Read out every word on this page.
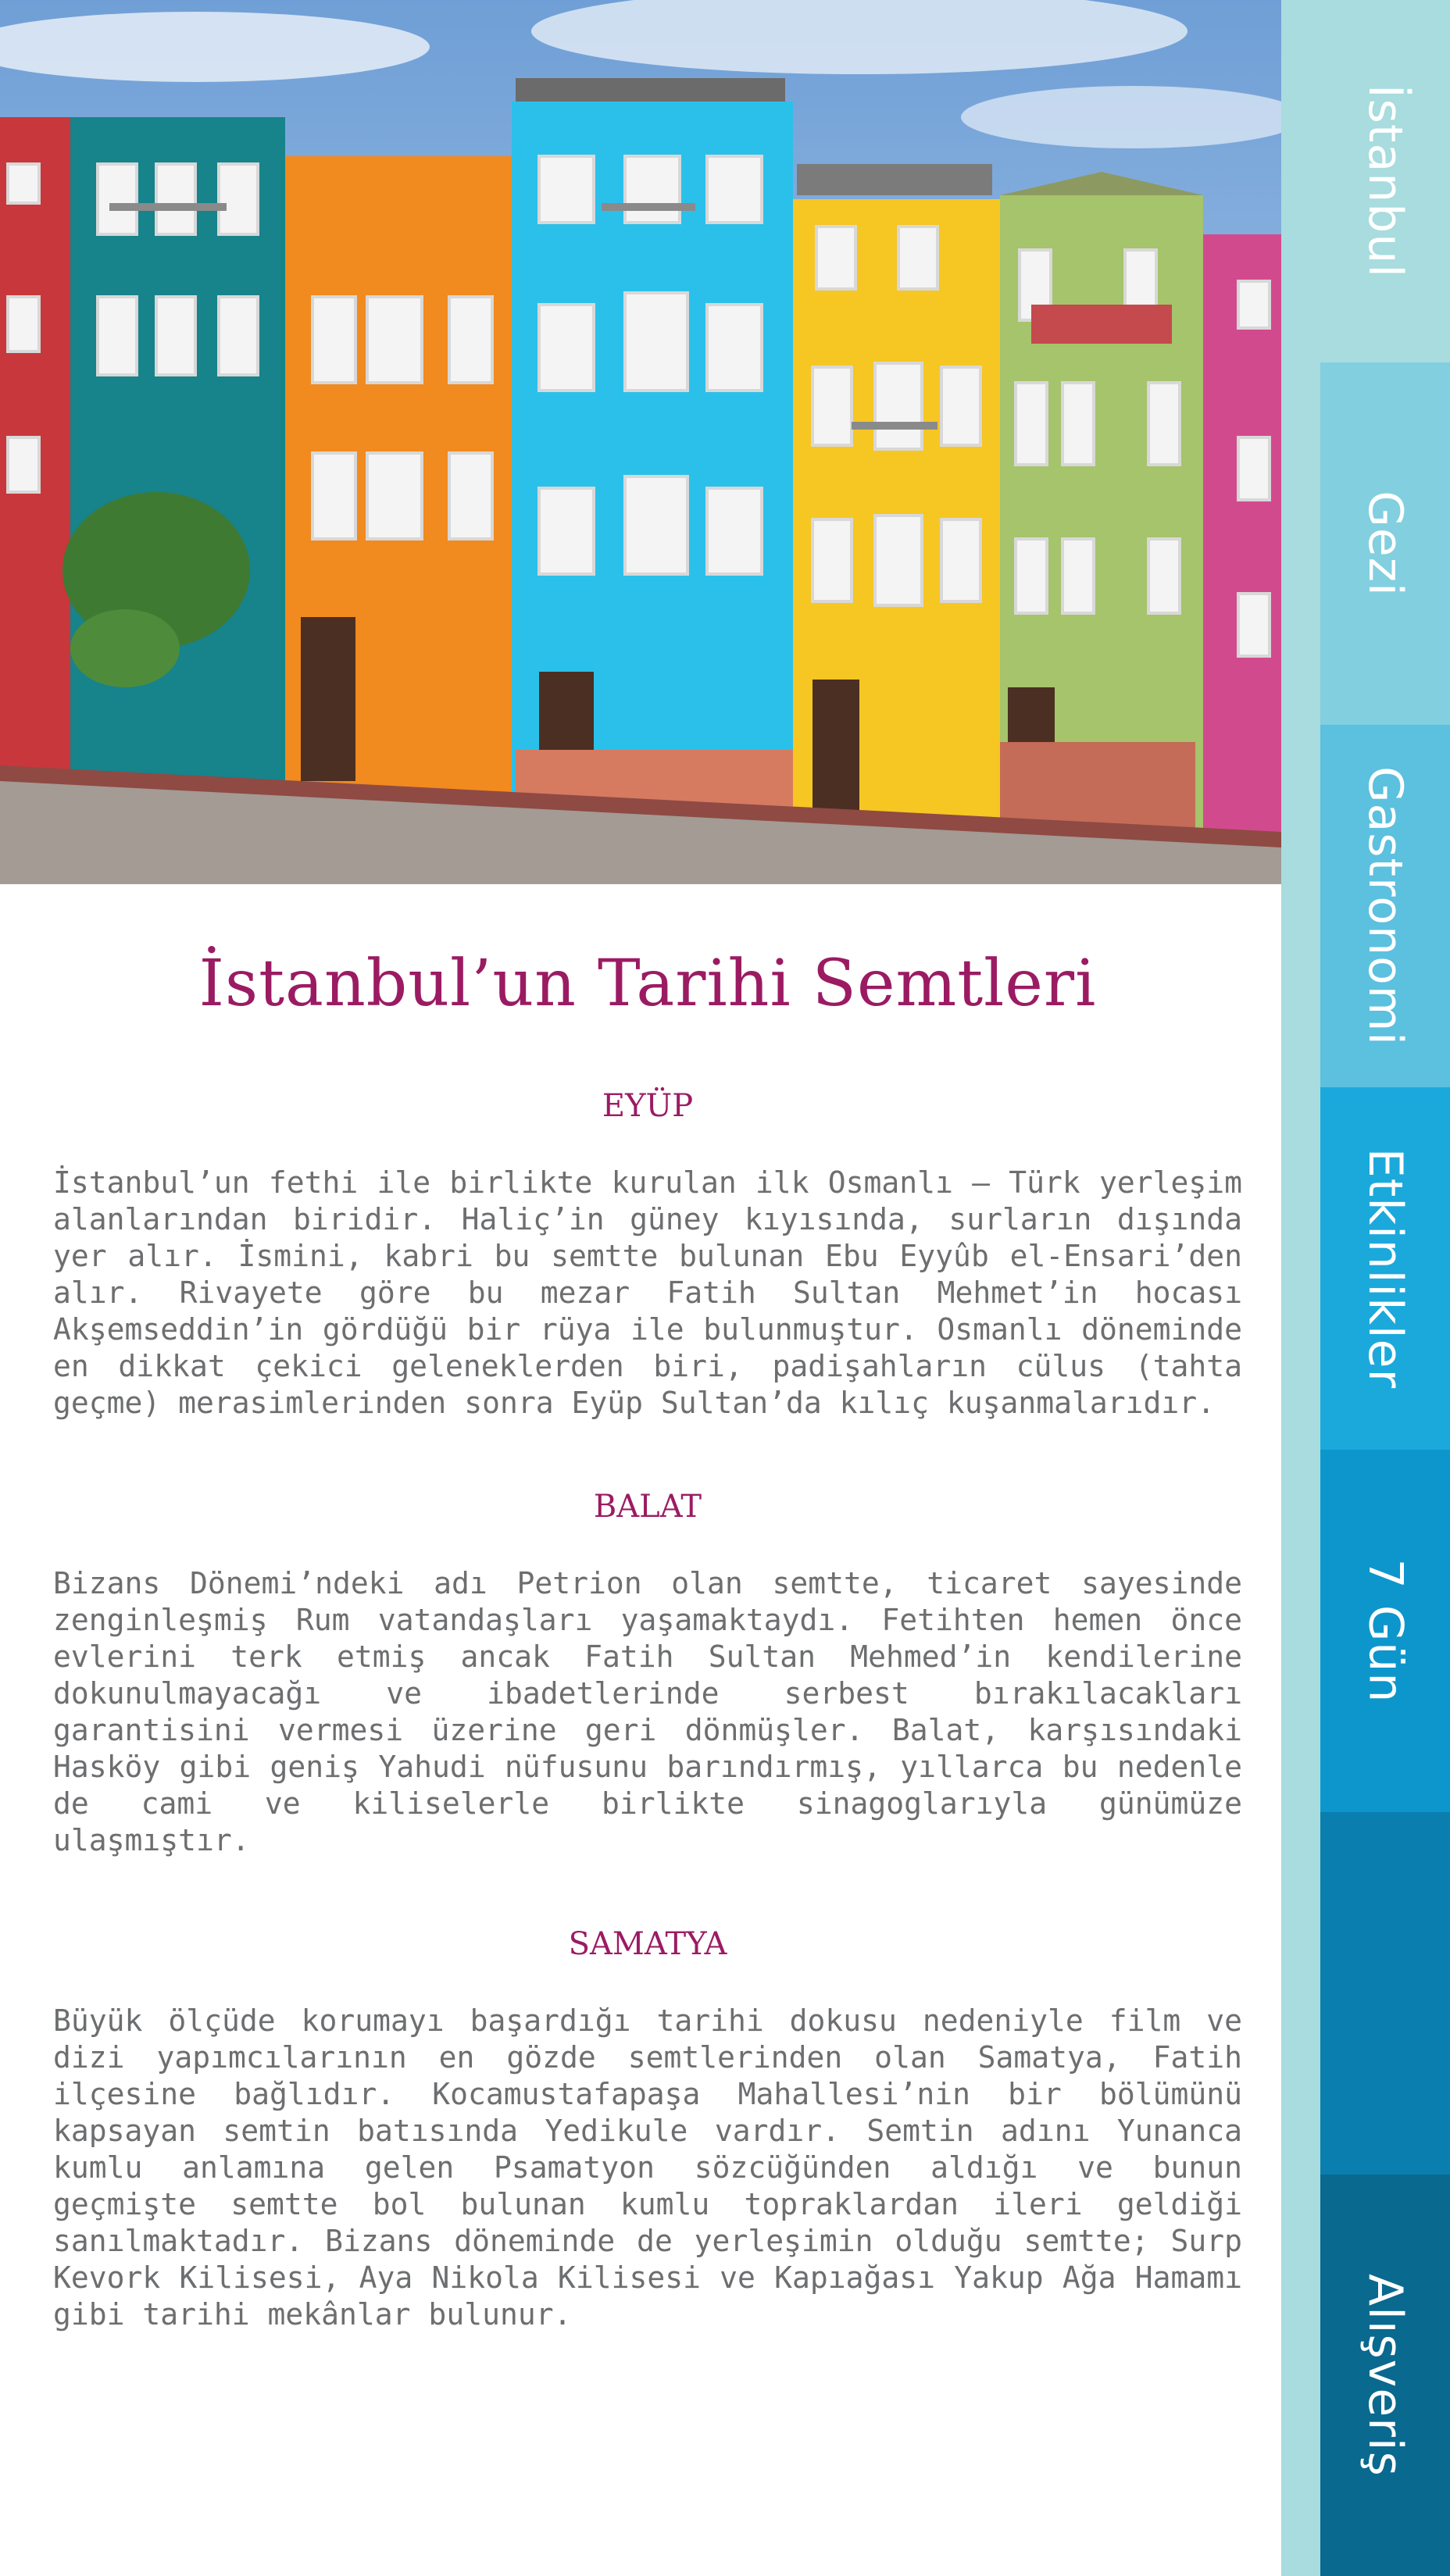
İstanbul
Gezi
Gastronomi
Etkinlikler
7 Gün
Alışveriş
İstanbul’un Tarihi Semtleri
EYÜP

İstanbul’un fethi ile birlikte kurulan ilk Osmanlı – Türk yerleşim alanlarından biridir. Haliç’in güney kıyısında, surların dışında yer alır. İsmini, kabri bu semtte bulunan Ebu Eyyûb el-Ensari’den alır. Rivayete göre bu mezar Fatih Sultan Mehmet’in hocası Akşemseddin’in gördüğü bir rüya ile bulunmuştur. Osmanlı döneminde en dikkat çekici geleneklerden biri, padişahların cülus (tahta geçme) merasimlerinden sonra Eyüp Sultan’da kılıç kuşanmalarıdır.

BALAT

Bizans Dönemi’ndeki adı Petrion olan semtte, ticaret sayesinde zenginleşmiş Rum vatandaşları yaşamaktaydı. Fetihten hemen önce evlerini terk etmiş ancak Fatih Sultan Mehmed’in kendilerine dokunulmayacağı ve ibadetlerinde serbest bırakılacakları garantisini vermesi üzerine geri dönmüşler. Balat, karşısındaki Hasköy gibi geniş Yahudi nüfusunu barındırmış, yıllarca bu nedenle de cami ve kiliselerle birlikte sinagoglarıyla günümüze ulaşmıştır.

SAMATYA

Büyük ölçüde korumayı başardığı tarihi dokusu nedeniyle film ve dizi yapımcılarının en gözde semtlerinden olan Samatya, Fatih ilçesine bağlıdır. Kocamustafapaşa Mahallesi’nin bir bölümünü kapsayan semtin batısında Yedikule vardır. Semtin adını Yunanca kumlu anlamına gelen Psamatyon sözcüğünden aldığı ve bunun geçmişte semtte bol bulunan kumlu topraklardan ileri geldiği sanılmaktadır. Bizans döneminde de yerleşimin olduğu semtte; Surp Kevork Kilisesi, Aya Nikola Kilisesi ve Kapıağası Yakup Ağa Hamamı gibi tarihi mekânlar bulunur.
